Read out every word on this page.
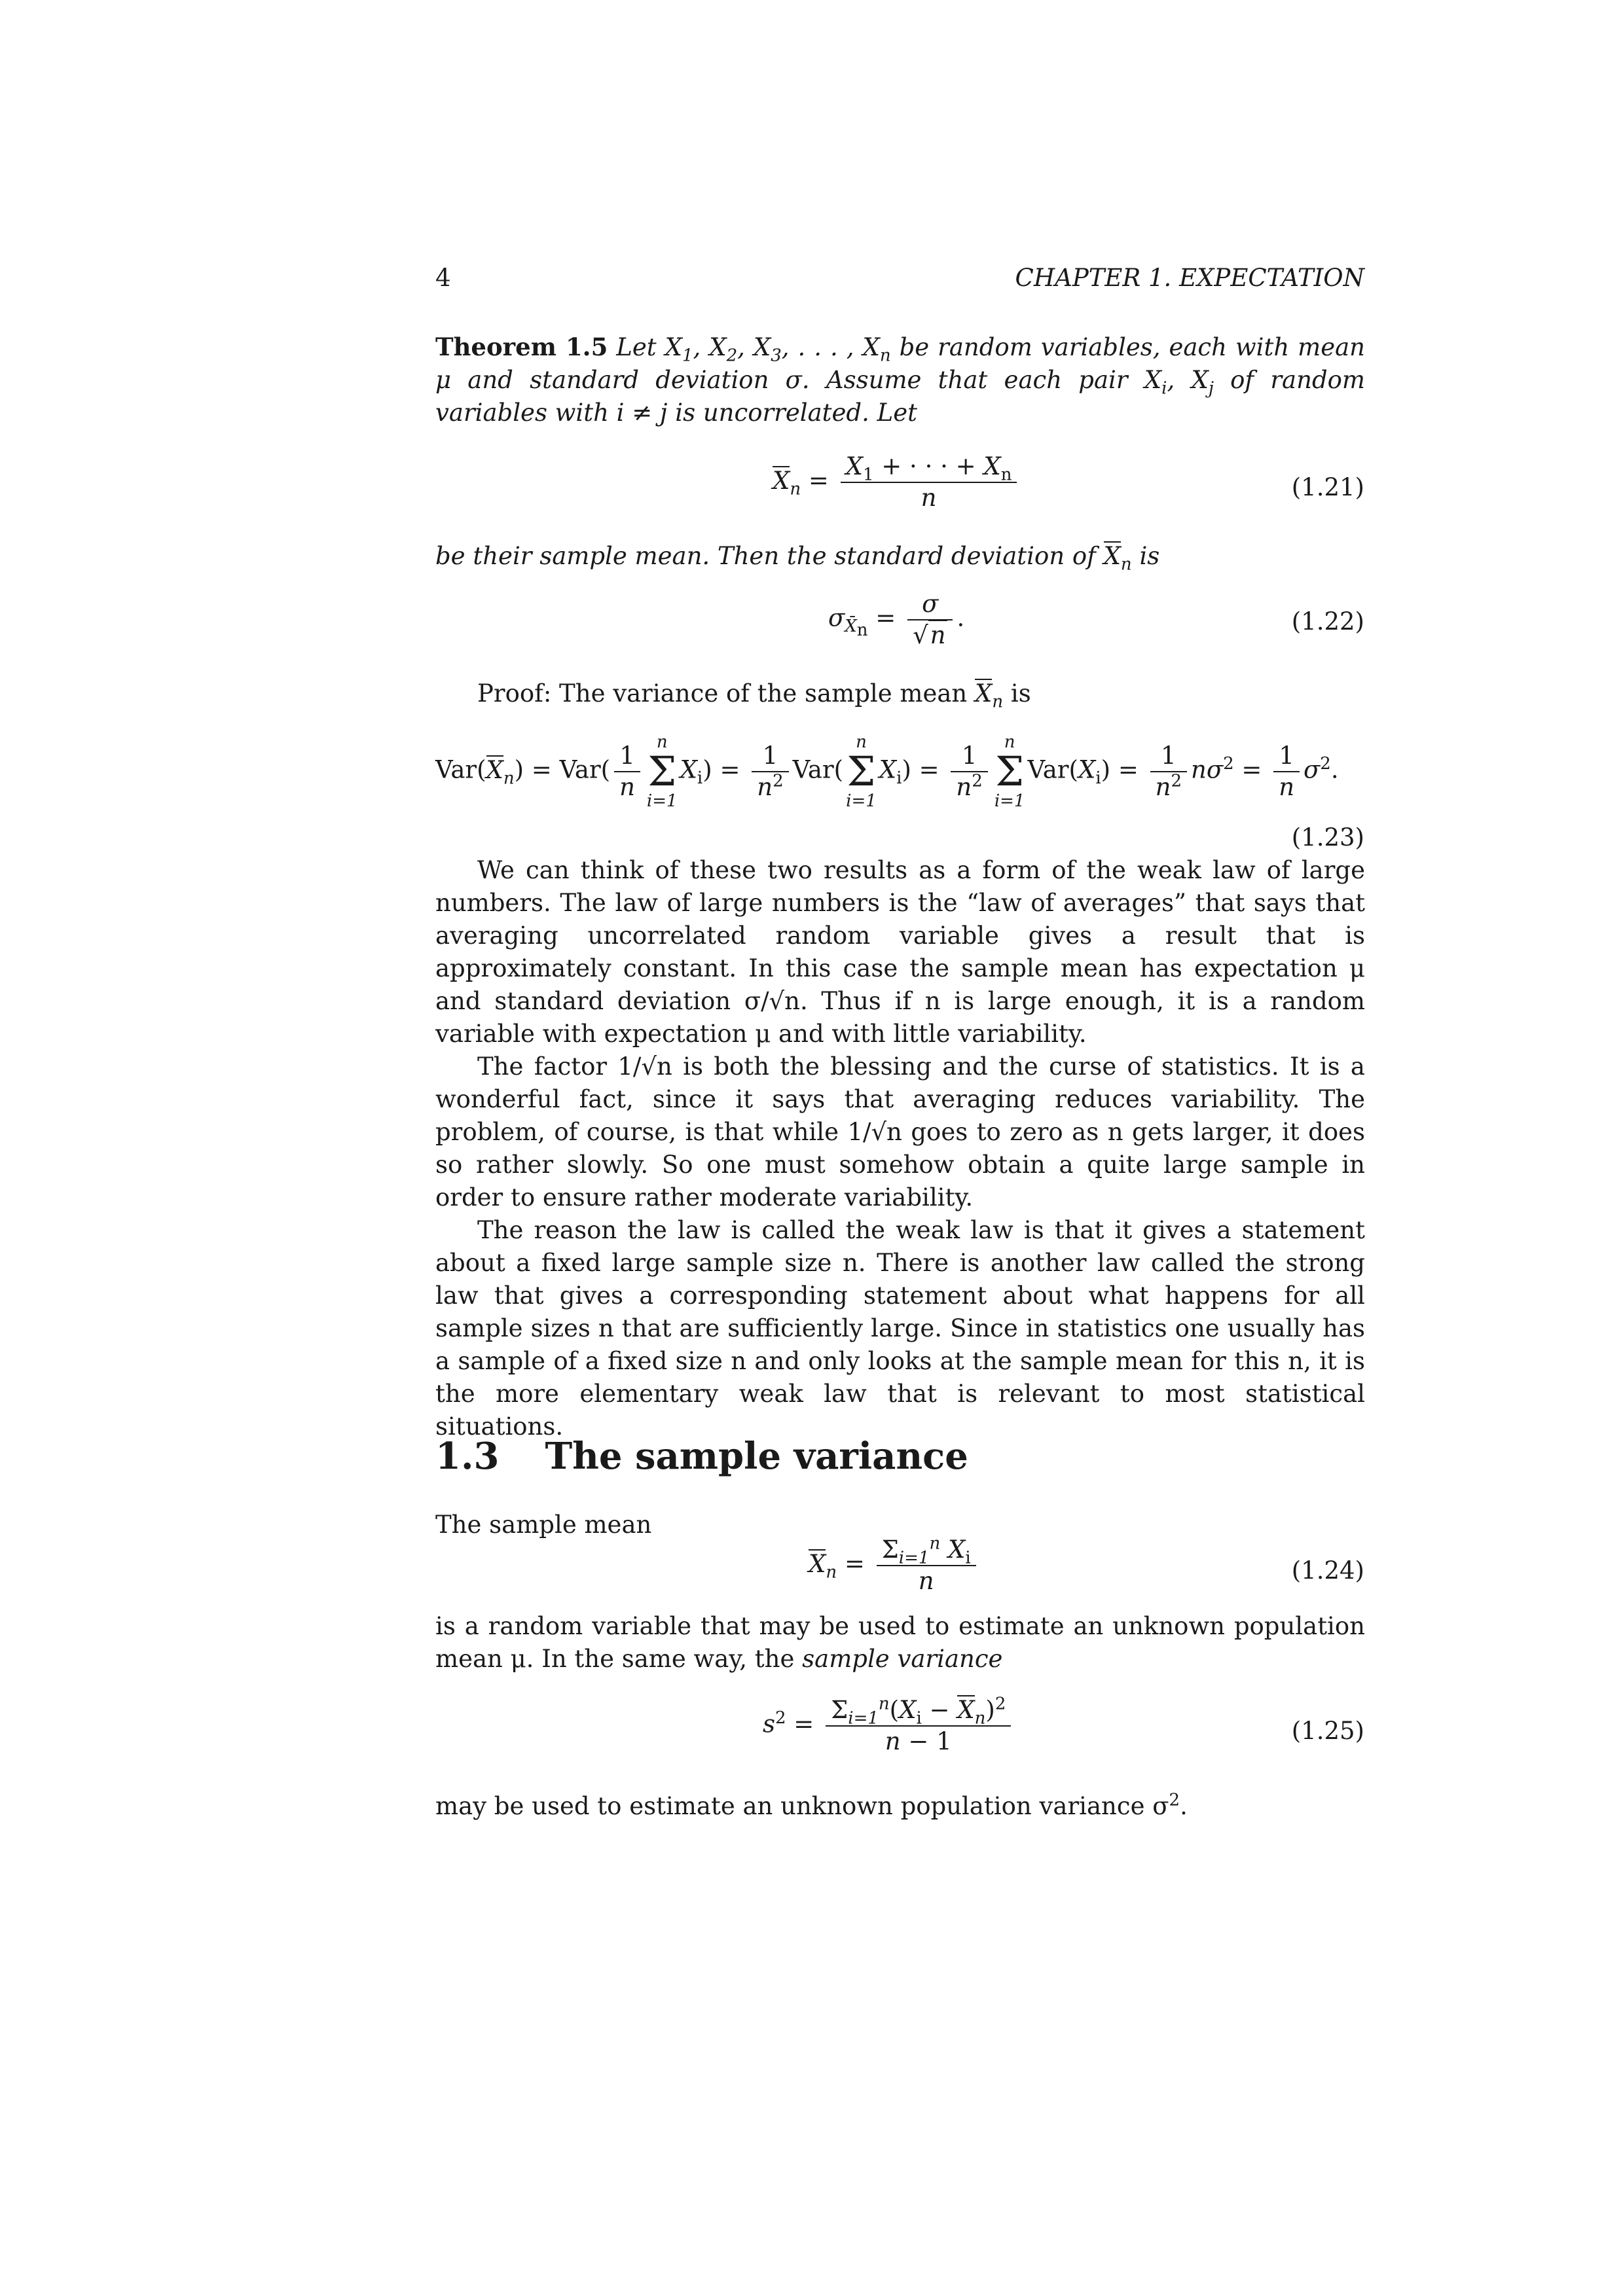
4	CHAPTER 1. EXPECTATION
Theorem 1.5 Let $X_1$, $X_2$, $X_3$, . . . , $X_n$ be random variables, each with mean μ and standard deviation σ. Assume that each pair $X_i$, $X_j$ of random variables with i ≠ j is uncorrelated. Let
$X_n = \frac{X_1 + \cdot \cdot \cdot + X_n}{n}$	(1.21)
be their sample mean. Then the standard deviation of $X_n$ is
$\sigma_{X̄_n} = \frac{\sigma}{√n}$ .	(1.22)
Proof: The variance of the sample mean $X_n$ is
$Var(X_n) = Var( \frac{1}{n}$ n
Σ
i=1
$X_i) = \frac{1}{n^2} Var$(
n
Σ
i=1
$X_i) = \frac{1}{n^2}$ n
Σ
i=1
$Var(X_i) = \frac{1}{n^2} n\sigma^2 = \frac{1}{n} \sigma^2$.
(1.23)
We can think of these two results as a form of the weak law of large numbers. The law of large numbers is the “law of averages” that says that averaging uncorrelated random variable gives a result that is approximately constant. In this case the sample mean has expectation μ and standard deviation σ/√n. Thus if n is large enough, it is a random variable with expectation μ and with little variability.
The factor 1/√n is both the blessing and the curse of statistics. It is a wonderful fact, since it says that averaging reduces variability. The problem, of course, is that while 1/√n goes to zero as n gets larger, it does so rather slowly. So one must somehow obtain a quite large sample in order to ensure rather moderate variability.
The reason the law is called the weak law is that it gives a statement about a fixed large sample size n. There is another law called the strong law that gives a corresponding statement about what happens for all sample sizes n that are sufficiently large. Since in statistics one usually has a sample of a fixed size n and only looks at the sample mean for this n, it is the more elementary weak law that is relevant to most statistical situations.
1.3 The sample variance
The sample mean
$X_n = \frac{\Sigma_{i=1}^n X_i}{n}$	(1.24)
is a random variable that may be used to estimate an unknown population mean μ. In the same way, the sample variance
$s^2 = \frac{\Sigma_{i=1}^n(X_i - X_n)^2}{n - 1}$	(1.25)
may be used to estimate an unknown population variance $\sigma^2$.
